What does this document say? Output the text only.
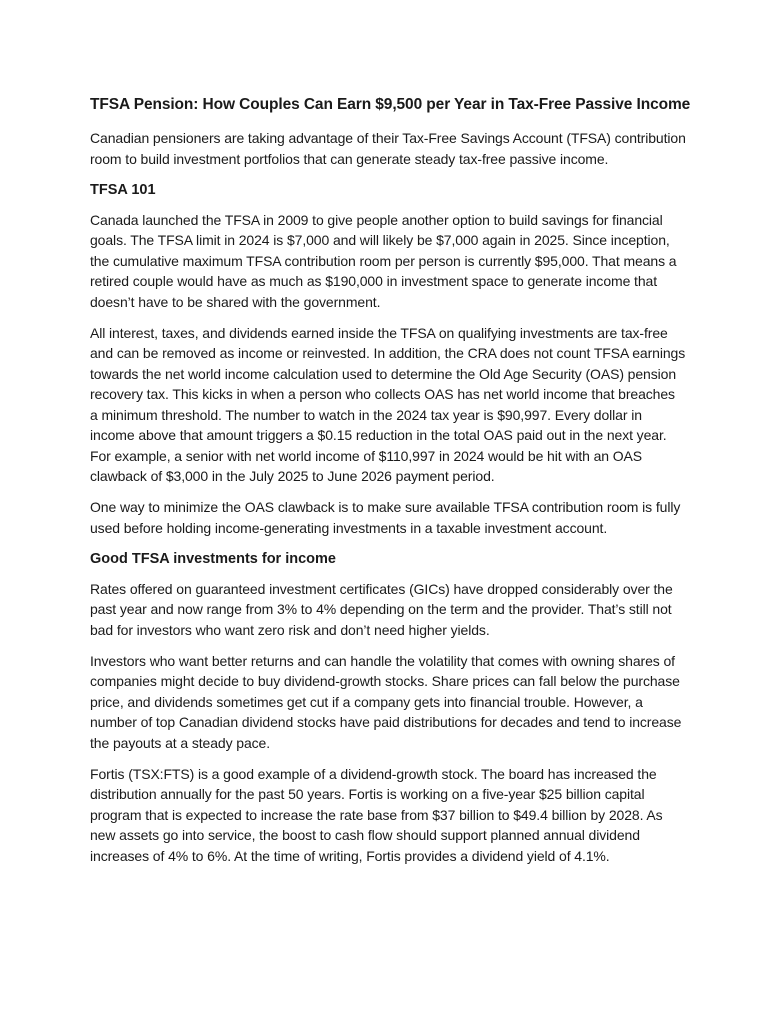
TFSA Pension: How Couples Can Earn $9,500 per Year in Tax-Free Passive Income

Canadian pensioners are taking advantage of their Tax-Free Savings Account (TFSA) contribution room to build investment portfolios that can generate steady tax-free passive income.

TFSA 101

Canada launched the TFSA in 2009 to give people another option to build savings for financial goals. The TFSA limit in 2024 is $7,000 and will likely be $7,000 again in 2025. Since inception, the cumulative maximum TFSA contribution room per person is currently $95,000. That means a retired couple would have as much as $190,000 in investment space to generate income that doesn’t have to be shared with the government.

All interest, taxes, and dividends earned inside the TFSA on qualifying investments are tax-free and can be removed as income or reinvested. In addition, the CRA does not count TFSA earnings towards the net world income calculation used to determine the Old Age Security (OAS) pension recovery tax. This kicks in when a person who collects OAS has net world income that breaches a minimum threshold. The number to watch in the 2024 tax year is $90,997. Every dollar in income above that amount triggers a $0.15 reduction in the total OAS paid out in the next year. For example, a senior with net world income of $110,997 in 2024 would be hit with an OAS clawback of $3,000 in the July 2025 to June 2026 payment period.

One way to minimize the OAS clawback is to make sure available TFSA contribution room is fully used before holding income-generating investments in a taxable investment account.

Good TFSA investments for income

Rates offered on guaranteed investment certificates (GICs) have dropped considerably over the past year and now range from 3% to 4% depending on the term and the provider. That’s still not bad for investors who want zero risk and don’t need higher yields.

Investors who want better returns and can handle the volatility that comes with owning shares of companies might decide to buy dividend-growth stocks. Share prices can fall below the purchase price, and dividends sometimes get cut if a company gets into financial trouble. However, a number of top Canadian dividend stocks have paid distributions for decades and tend to increase the payouts at a steady pace.

Fortis (TSX:FTS) is a good example of a dividend-growth stock. The board has increased the distribution annually for the past 50 years. Fortis is working on a five-year $25 billion capital program that is expected to increase the rate base from $37 billion to $49.4 billion by 2028. As new assets go into service, the boost to cash flow should support planned annual dividend increases of 4% to 6%. At the time of writing, Fortis provides a dividend yield of 4.1%.
